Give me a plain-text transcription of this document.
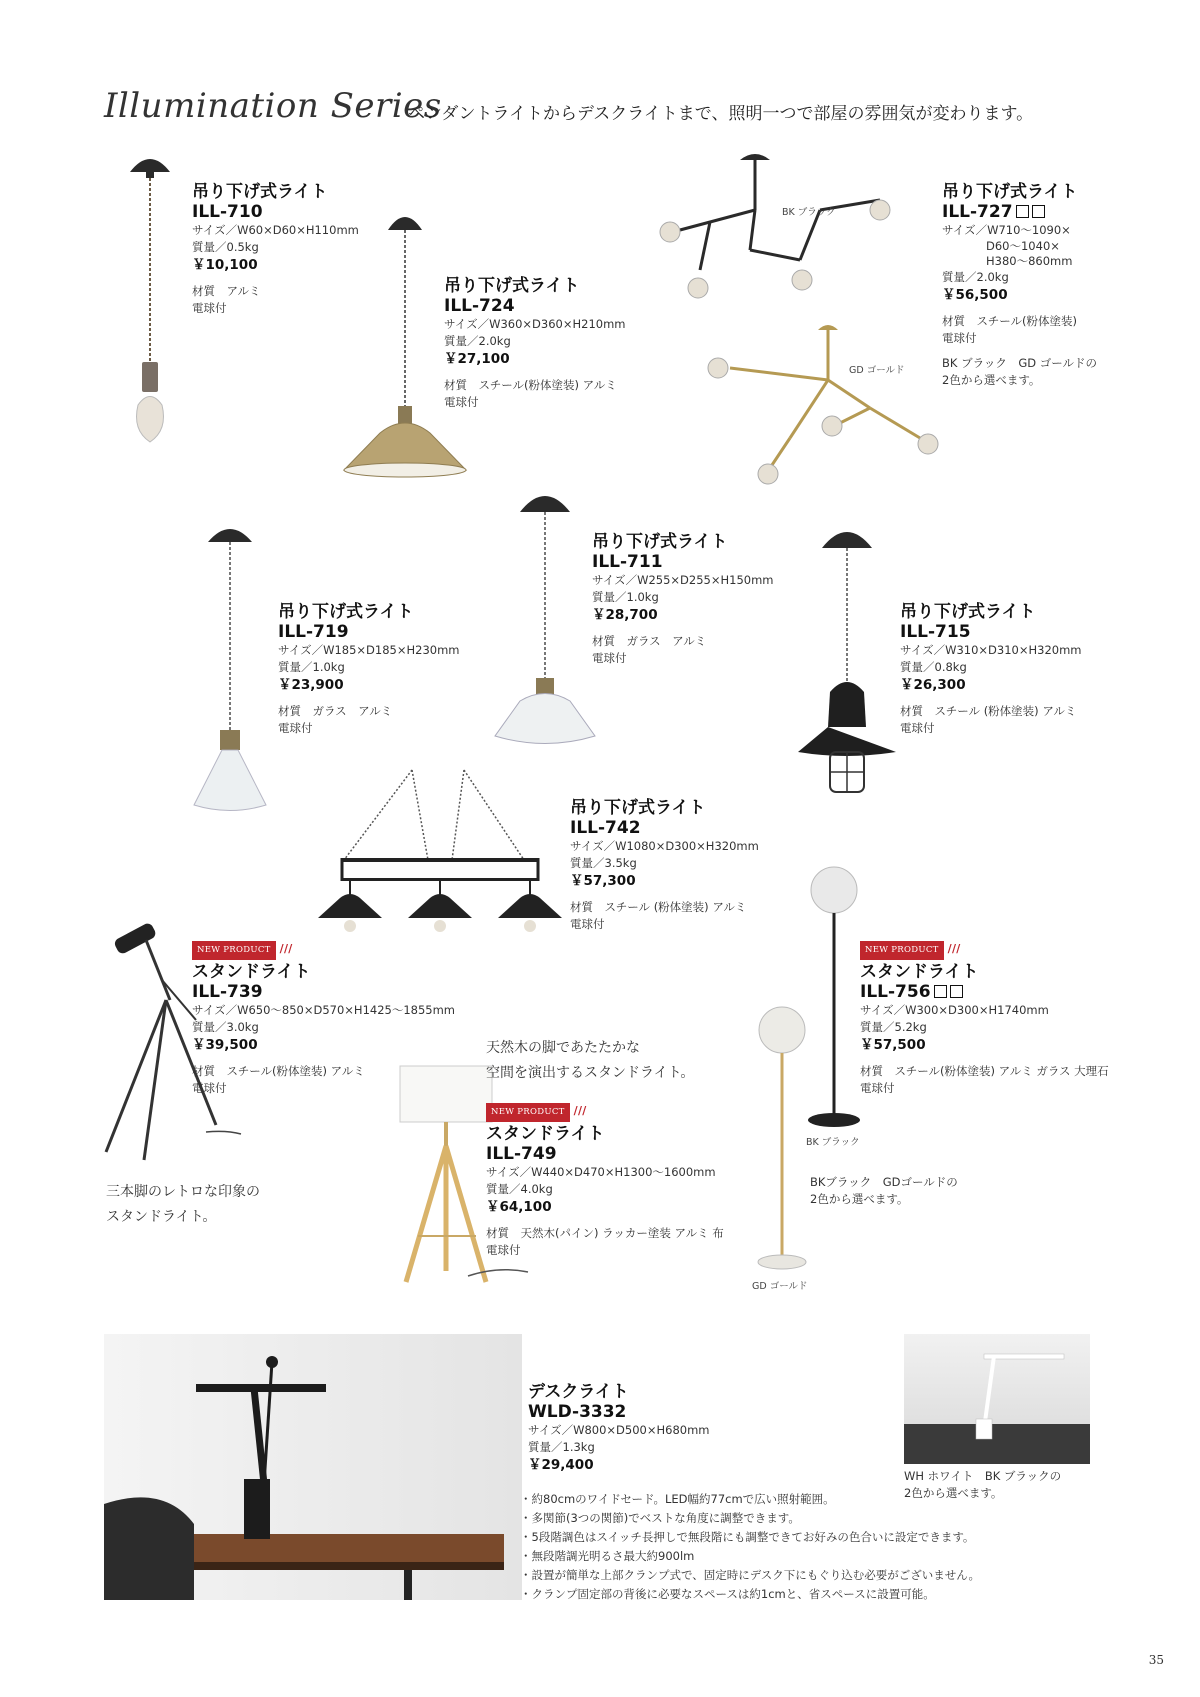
Illumination Series
ペンダントライトからデスクライトまで、照明一つで部屋の雰囲気が変わります。
吊り下げ式ライト
ILL-710
サイズ／W60×D60×H110mm
質量／0.5kg
￥10,100
材質　アルミ
電球付
吊り下げ式ライト
ILL-724
サイズ／W360×D360×H210mm
質量／2.0kg
￥27,100
材質　スチール(粉体塗装) アルミ
電球付
BK ブラック
GD ゴールド
吊り下げ式ライト
ILL-727
サイズ／W710〜1090×
D60〜1040×
H380〜860mm
質量／2.0kg
￥56,500
材質　スチール(粉体塗装)
電球付
BK ブラック　GD ゴールドの
2色から選べます。
吊り下げ式ライト
ILL-719
サイズ／W185×D185×H230mm
質量／1.0kg
￥23,900
材質　ガラス　アルミ
電球付
吊り下げ式ライト
ILL-711
サイズ／W255×D255×H150mm
質量／1.0kg
￥28,700
材質　ガラス　アルミ
電球付
吊り下げ式ライト
ILL-715
サイズ／W310×D310×H320mm
質量／0.8kg
￥26,300
材質　スチール (粉体塗装) アルミ
電球付
吊り下げ式ライト
ILL-742
サイズ／W1080×D300×H320mm
質量／3.5kg
￥57,300
材質　スチール (粉体塗装) アルミ
電球付
NEW PRODUCT ///
スタンドライト
ILL-739
サイズ／W650〜850×D570×H1425〜1855mm
質量／3.0kg
￥39,500
材質　スチール(粉体塗装) アルミ
電球付
三本脚のレトロな印象の
スタンドライト。
天然木の脚であたたかな
空間を演出するスタンドライト。
NEW PRODUCT ///
スタンドライト
ILL-749
サイズ／W440×D470×H1300〜1600mm
質量／4.0kg
￥64,100
材質　天然木(パイン) ラッカー塗装 アルミ 布
電球付
BK ブラック
GD ゴールド
NEW PRODUCT ///
スタンドライト
ILL-756
サイズ／W300×D300×H1740mm
質量／5.2kg
￥57,500
材質　スチール(粉体塗装) アルミ ガラス 大理石
電球付
BKブラック　GDゴールドの
2色から選べます。
デスクライト
WLD-3332
サイズ／W800×D500×H680mm
質量／1.3kg
￥29,400
WH ホワイト　BK ブラックの
2色から選べます。
・約80cmのワイドセード。LED幅約77cmで広い照射範囲。
・多関節(3つの関節)でベストな角度に調整できます。
・5段階調色はスイッチ長押しで無段階にも調整できてお好みの色合いに設定できます。
・無段階調光明るさ最大約900lm
・設置が簡単な上部クランプ式で、固定時にデスク下にもぐり込む必要がございません。
・クランプ固定部の背後に必要なスペースは約1cmと、省スペースに設置可能。
35
